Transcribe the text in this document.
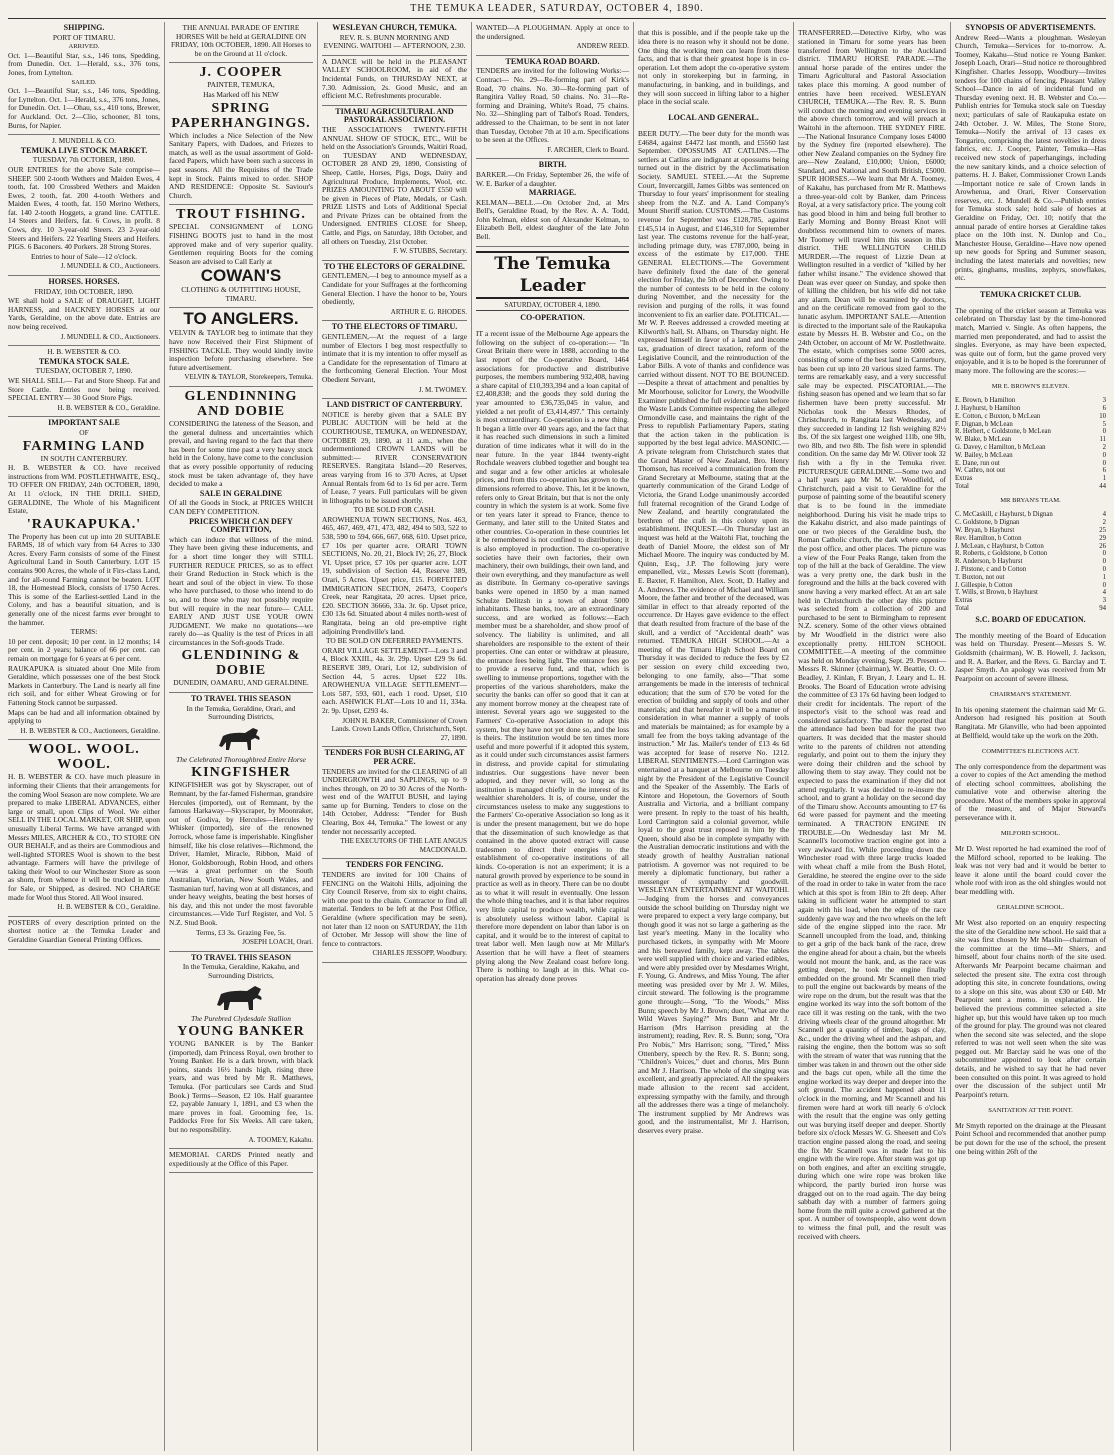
THE TEMUKA LEADER, SATURDAY, OCTOBER 4, 1890.

SHIPPING.

PORT OF TIMARU.

ARRIVED.

Oct. 1—Beautiful Star, s.s., 146 tons, Spedding, from Dunedin. Oct. 1—Herald, s.s., 376 tons, Jones, from Lyttelton.

SAILED.

Oct. 1—Beautiful Star, s.s., 146 tons, Spedding, for Lyttelton. Oct. 1—Herald, s.s., 376 tons, Jones, for Dunedin. Oct. 1—Ohau, s.s., 410 tons, Brewer, for Auckland. Oct. 2—Clio, schooner, 81 tons, Burns, for Napier.

J. MUNDELL & CO.

TEMUKA LIVE STOCK MARKET.

TUESDAY, 7th OCTOBER, 1890.

OUR ENTRIES for the above Sale comprise— SHEEP. 500 2-tooth Wethers and Maiden Ewes, 4 tooth, fat. 100 Crossbred Wethers and Maiden Ewes, 2 tooth, fat. 200 4-tooth Wethers and Maiden Ewes, 4 tooth, fat. 150 Merino Wethers, fat. 140 2-tooth Hoggets, a grand line. CATTLE. 14 Steers and Heifers, fat. 6 Cows, in profit. 8 Cows, dry. 10 3-year-old Steers. 23 2-year-old Steers and Heifers. 22 Yearling Steers and Heifers. PIGS. 6 Baconers. 40 Porkers. 28 Strong Stores.

Entries to hour of Sale—12 o'clock.

J. MUNDELL & CO., Auctioneers.

HORSES. HORSES.

FRIDAY, 10th OCTOBER, 1890.

WE shall hold a SALE of DRAUGHT, LIGHT HARNESS, and HACKNEY HORSES at our Yards, Geraldine, on the above date. Entries are now being received.

J. MUNDELL & CO., Auctioneers.

H. B. WEBSTER & CO.

TEMUKA STOCK SALE.

TUESDAY, OCTOBER 7, 1890.

WE SHALL SELL— Fat and Store Sheep. Fat and Store Cattle. Entries now being received. SPECIAL ENTRY— 30 Good Store Pigs.

H. B. WEBSTER & CO., Geraldine.

IMPORTANT SALE

OF

FARMING LAND

IN SOUTH CANTERBURY.

H. B. WEBSTER & CO. have received instructions from WM. POSTLETHWAITE, ESQ., TO OFFER ON FRIDAY, 24th OCTOBER, 1890, At 11 o'clock, IN THE DRILL SHED, GERALDINE, The Whole of his Magnificent Estate,

'RAUKAPUKA.'

The Property has been cut up into 20 SUITABLE FARMS, 18 of which vary from 64 Acres to 330 Acres. Every Farm consists of some of the Finest Agricultural Land in South Canterbury. LOT 15 contains 900 Acres, the whole of it Firs-class Land, and for all-round Farming cannot be beaten. LOT 18, the Homestead Block, consists of 1750 Acres. This is some of the Earliest-settled Land in the Colony, and has a beautiful situation, and is generally one of the nicest farms ever brought to the hammer.

TERMS:

10 per cent. deposit; 10 per cent. in 12 months; 14 per cent. in 2 years; balance of 66 per cent. can remain on mortgage for 6 years at 6 per cent.

RAUKAPUKA is situated about One Mile from Geraldine, which possesses one of the best Stock Markets in Canterbury. The Land is nearly all fine rich soil, and for either Wheat Growing or for Fattening Stock cannot be surpassed.

Maps can be had and all information obtained by applying to

H. B. WEBSTER & CO., Auctioneers, Geraldine.

WOOL. WOOL. WOOL.

H. B. WEBSTER & CO. have much pleasure in informing their Clients that their arrangements for the coming Wool Season are now complete. We are prepared to make LIBERAL ADVANCES, either large or small, upon Clips of Wool. We either SELL IN THE LOCAL MARKET, OR SHIP, upon unusually Liberal Terms. We have arranged with Messrs MILES, ARCHER & CO., TO STORE ON OUR BEHALF, and as theirs are Commodious and well-lighted STORES Wool is shown to the best advantage. Farmers will have the privilege of taking their Wool to our Winchester Store as soon as shorn, from whence it will be trucked in time for Sale, or Shipped, as desired. NO CHARGE made for Wool thus Stored. All Wool insured.

H. B. WEBSTER & CO., Geraldine.

POSTERS of every description printed on the shortest notice at the Temuka Leader and Geraldine Guardian General Printing Offices.

THE ANNUAL PARADE OF ENTIRE HORSES Will be held at GERALDINE ON FRIDAY, 10th OCTOBER, 1890. All Horses to be on the Ground at 11 o'clock.

J. COOPER

PAINTER, TEMUKA,

Has Marked off his NEW

SPRING PAPERHANGINGS.

Which includes a Nice Selection of the New Sanitary Papers, with Dadoes, and Friezes to match, as well as the usual assortment of Gold-faced Papers, which have been such a success in past seasons. All the Requisites of the Trade kept in Stock. Paints mixed to order. SHOP AND RESIDENCE: Opposite St. Saviour's Church.

TROUT FISHING.

SPECIAL CONSIGNMENT of LONG FISHING BOOTS just to hand in the most approved make and of very superior quality. Gentlemen requiring Boots for the coming Season are advised to Call Early at

COWAN'S

CLOTHING & OUTFITTING HOUSE, TIMARU.

TO ANGLERS.

VELVIN & TAYLOR beg to intimate that they have now Received their First Shipment of FISHING TACKLE. They would kindly invite inspection before purchasing elsewhere. See future advertisement.

VELVIN & TAYLOR, Storekeepers, Temuka.

GLENDINNING AND DOBIE

CONSIDERING the lateness of the Season, and the general dulness and uncertainties which prevail, and having regard to the fact that there has been for some time past a very heavy stock held in the Colony, have come to the conclusion that as every possible opportunity of reducing stock must be taken advantage of, they have decided to make a

SALE IN GERALDINE

Of all the Goods in Stock, at PRICES WHICH CAN DEFY COMPETITION.

PRICES WHICH CAN DEFY COMPETITION,

which can induce that willness of the mind. They have been giving these inducements, and for a short time longer they will STILL FURTHER REDUCE PRICES, so as to effect their Grand Reduction in Stock which is the heart and soul of the object in view. To those who have purchased, to those who intend to do so, and to those who may not possibly require but will require in the near future— CALL EARLY AND JUST USE YOUR OWN JUDGMENT. We make no quotations—we rarely do—as Quality is the test of Prices in all circumstances in the Soft-goods Trade.

GLENDINING & DOBIE

DUNEDIN, OAMARU, AND GERALDINE.

TO TRAVEL THIS SEASON

In the Temuka, Geraldine, Orari, and Surrounding Districts,

The Celebrated Thoroughbred Entire Horse

KINGFISHER

KINGFISHER was got by Skyscraper, out of Remnant, by the far-famed Fisherman, grandsire Hercules (imported), out of Remnant, by the famous Harkaway—Skyscraper, by Moonraker, out of Godiva, by Hercules—Hercules by Whisker (imported), sire of the renowned Jorrock, whose fame is imperishable. Kingfisher himself, like his close relatives—Richmond, the Driver, Hamlet, Miracle, Ribbon, Maid of Honor, Goldsborough, Robin Hood, and others—was a great performer on the South Australian, Victorian, New South Wales, and Tasmanian turf, having won at all distances, and under heavy weights, beating the best horses of his day, and this not under the most favorable circumstances.—Vide Turf Register, and Vol. 5 N.Z. Stud Book.

Terms, £3 3s. Grazing Fee, 5s.

JOSEPH LOACH, Orari.

TO TRAVEL THIS SEASON

In the Temuka, Geraldine, Kakahu, and Surrounding Districts,

The Purebred Clydesdale Stallion

YOUNG BANKER

YOUNG BANKER is by The Banker (imported), dam Princess Royal, own brother to Young Banker. He is a dark brown, with black points, stands 16½ hands high, rising three years, and was bred by Mr R. Matthews, Temuka. (For particulars see Cards and Stud Book.) Terms—Season, £2 10s. Half guarantee £2, payable January 1, 1891, and £3 when the mare proves in foal. Grooming fee, 1s. Paddocks Free for Six Weeks. All care taken, but no responsibility.

A. TOOMEY, Kakahu.

MEMORIAL CARDS Printed neatly and expeditiously at the Office of this Paper.

WESLEYAN CHURCH, TEMUKA.

REV. R. S. BUNN MORNING AND EVENING. WAITOHI — AFTERNOON, 2.30.

A DANCE will be held in the PLEASANT VALLEY SCHOOLROOM, in aid of the Incidental Funds, on THURSDAY NEXT, at 7.30. Admission, 2s. Good Music, and an efficient M.C. Refreshments procurable.

TIMARU AGRICULTURAL AND PASTORAL ASSOCIATION.

THE ASSOCIATION'S TWENTY-FIFTH ANNUAL SHOW OF STOCK, ETC., Will be held on the Association's Grounds, Waitiri Road, on TUESDAY AND WEDNESDAY, OCTOBER 28 AND 29, 1890, Consisting of Sheep, Cattle, Horses, Pigs, Dogs, Dairy and Agricultural Produce, Implements, Wool, etc. PRIZES AMOUNTING TO ABOUT £550 will be given in Pieces of Plate, Medals, or Cash. PRIZE LISTS and Lots of Additional Special and Private Prizes can be obtained from the Undersigned. ENTRIES CLOSE for Sheep, Cattle, and Pigs, on Saturday, 18th October, and all others on Tuesday, 21st October.

F. W. STUBBS, Secretary.

TO THE ELECTORS OF GERALDINE.

GENTLEMEN,—I beg to announce myself as a Candidate for your Suffrages at the forthcoming General Election. I have the honor to be, Yours obediently,

ARTHUR E. G. RHODES.

TO THE ELECTORS OF TIMARU.

GENTLEMEN,—At the request of a large number of Electors I beg most respectfully to intimate that it is my intention to offer myself as a Candidate for the representation of Timaru at the forthcoming General Election. Your Most Obedient Servant,

J. M. TWOMEY.

LAND DISTRICT OF CANTERBURY.

NOTICE is hereby given that a SALE BY PUBLIC AUCTION will be held at the COURTHOUSE, TEMUKA, on WEDNESDAY, OCTOBER 29, 1890, at 11 a.m., when the undermentioned CROWN LANDS will be submitted:— RIVER CONSERVATION RESERVES. Rangitata Island—20 Reserves, areas varying from 16 to 370 Acres, at Upset Annual Rentals from 6d to 1s 6d per acre. Term of Lease, 7 years. Full particulars will be given in lithographs to be issued shortly.

TO BE SOLD FOR CASH.

AROWHENUA TOWN SECTIONS, Nos. 463, 465, 467, 469, 471, 473, 482, 494 to 503, 522 to 538, 590 to 594, 666, 667, 668, 610. Upset price, £7 10s per quarter acre. ORARI TOWN SECTIONS, No. 20, 21, Block IV; 26, 27, Block VI. Upset price, £7 10s per quarter acre. LOT 19, subdivision of Section 44, Reserve 389, Orari, 5 Acres. Upset price, £15. FORFEITED IMMIGRATION SECTION, 26473, Cooper's Creek, near Rangitata, 20 acres. Upset price, £20. SECTION 36666, 33a. 3r. 6p. Upset price, £30 13s 6d. Situated about 4 miles north-west of Rangitata, being an old pre-emptive right adjoining Prendiville's land.

TO BE SOLD ON DEFERRED PAYMENTS.

ORARI VILLAGE SETTLEMENT—Lots 3 and 4, Block XXIII., 4a. 3r. 29p. Upset £29 9s 6d. RESERVE 389, Orari, Lot 12, subdivision of Section 44, 5 acres. Upset £22 10s. AROWHENUA VILLAGE SETTLEMENT—Lots 587, 593, 601, each 1 rood. Upset, £10 each. ASHWICK FLAT—Lots 10 and 11, 334a. 2r. 9p. Upset, £293 4s.

JOHN H. BAKER, Commissioner of Crown Lands. Crown Lands Office, Christchurch, Sept. 27, 1890.

TENDERS FOR BUSH CLEARING, AT PER ACRE.

TENDERS are invited for the CLEARING of all UNDERGROWTH and SAPLINGS, up to 9 inches through, on 20 to 30 Acres of the North-west end of the WAITUI BUSH, and laying same up for Burning. Tenders to close on the 14th October, Address: "Tender for Bush Clearing, Box 44, Temuka." The lowest or any tender not necessarily accepted.

THE EXECUTORS OF THE LATE ANGUS MACDONALD.

TENDERS FOR FENCING.

TENDERS are invited for 100 Chains of FENCING on the Waitohi Hills, adjoining the City Council Reserve, from six to eight chains, with one post to the chain. Contractor to find all material. Tenders to be left at the Post Office, Geraldine (where specification may be seen), not later than 12 noon on SATURDAY, the 11th of October. Mr Jessop will show the line of fence to contractors.

CHARLES JESSOPP, Woodbury.

WANTED—A PLOUGHMAN. Apply at once to the undersigned.

ANDREW REED.

TEMUKA ROAD BOARD.

TENDERS are invited for the following Works:— Contract— No. 29—Re-forming part of Kirk's Road, 70 chains. No. 30—Re-forming part of Rangitira Valley Road, 50 chains. No. 31—Re-forming and Draining, White's Road, 75 chains. No. 32—Shingling part of Talbot's Road. Tenders, addressed to the Chairman, to be sent in not later than Tuesday, October 7th at 10 a.m. Specifications to be seen at the Offices.

F. ARCHER, Clerk to Board.

BIRTH.

BARKER.—On Friday, September 26, the wife of W. E. Barker of a daughter.

MARRIAGE.

KELMAN—BELL.—On October 2nd, at Mrs Bell's, Geraldine Road, by the Rev. A. A. Todd, John Kelman, eldest son of Alexander Kelman, to Elizabeth Bell, eldest daughter of the late John Bell.

The Temuka Leader
SATURDAY, OCTOBER 4, 1890.

CO-OPERATION.

IT a recent issue of the Melbourne Age appears the following on the subject of co-operation:— "In Great Britain there were in 1888, according to the last report of the Co-operative Board, 1464 associations for productive and distributive purposes, the members numbering 932,408, having a share capital of £10,393,394 and a loan capital of £2,408,838; and the goods they sold during the year amounted to £36,735,045 in value, and yielded a net profit of £3,414,497." This certainly is most extraordinary. Co-operation is a new thing. It began a little over 40 years ago, and the fact that it has reached such dimensions in such a limited duration of time indicates what it will do in the near future. In the year 1844 twenty-eight Rochdale weavers clubbed together and bought tea and sugar and a few other articles at wholesale prices, and from this co-operation has grown to the dimensions referred to above. This, let it be known, refers only to Great Britain, but that is not the only country in which the system is at work. Some five or ten years later it spread to France, thence to Germany, and later still to the United States and other countries. Co-operation in these countries let it be remembered is not confined to distribution; it is also employed in production. The co-operative societies have their own factories, their own machinery, their own buildings, their own land, and their own everything, and they manufacture as well as distribute. In Germany co-operative savings banks were opened in 1850 by a man named Schulze Delitzsh in a town of about 5000 inhabitants. These banks, too, are an extraordinary success, and are worked as follows:—Each member must be a shareholder, and show proof of solvency. The liability is unlimited, and all shareholders are responsible to the extent of their properties. One can enter or withdraw at pleasure, the entrance fees being light. The entrance fees go to provide a reserve fund, and that, which is swelling to immense proportions, together with the properties of the various shareholders, make the security the banks can offer so good that it can at any moment borrow money at the cheapest rate of interest. Several years ago we suggested to the Farmers' Co-operative Association to adopt this system, but they have not yet done so, and the loss is theirs. The institution would be ten times more useful and more powerful if it adopted this system, as it could under such circumstances assist farmers in distress, and provide capital for stimulating industries. Our suggestions have never been adopted, and they never will, so long as the institution is managed chiefly in the interest of its wealthier shareholders. It is, of course, under the circumstances useless to make any suggestions to the Farmers' Co-operative Association so long as it is under the present management, but we do hope that the dissemination of such knowledge as that contained in the above quoted extract will cause tradesmen to direct their energies to the establishment of co-operative institutions of all kinds. Co-operation is not an experiment; it is a natural growth proved by experience to be sound in practice as well as in theory. There can be no doubt as to what it will result in eventually. One lesson the whole thing teaches, and it is that labor requires very little capital to produce wealth, while capital is absolutely useless without labor. Capital is therefore more dependent on labor than labor is on capital, and it would be to the interest of capital to treat labor well. Men laugh now at Mr Millar's Assertion that he will have a fleet of steamers plying along the New Zealand coast before long. There is nothing to laugh at in this. What co-operation has already done proves

that this is possible, and if the people take up the idea there is no reason why it should not be done. One thing the working men can learn from these facts, and that is that their greatest hope is in co-operation. Let them adopt the co-operative system not only in storekeeping but in farming, in manufacturing, in banking, and in buildings, and they will soon succeed in lifting labor to a higher place in the social scale.

LOCAL AND GENERAL.

BEER DUTY.—The beer duty for the month was £4684, against £4472 last month, and £5560 last September. OPOSSUMS AT CATLINS.—The settlers at Catlins are indignant at opossums being turned out in the district by the Acclimatisation Society. SAMUEL STEEL.—At the Supreme Court, Invercargill, James Gibbs was sentenced on Thursday to four years' imprisonment for stealing sheep from the N.Z. and A. Land Company's Mount Sheriff station. CUSTOMS.—The Customs revenue for September was £128,785, against £145,514 in August, and £146,310 for September last year. The customs revenue for the half-year, including primage duty, was £787,000, being in excess of the estimate by £17,000. THE GENERAL ELECTIONS.—The Government have definitely fixed the date of the general election for Friday, the 5th of December. Owing to the number of contests to be held in the colony during November, and the necessity for the revision and purging of the rolls, it was found inconvenient to fix an earlier date. POLITICAL.—Mr W. P. Reeves addressed a crowded meeting at Kilworth's hall, St. Albans, on Thursday night. He expressed himself in favor of a land and income tax, graduation of direct taxation, reform of the Legislative Council, and the reintroduction of the Labor Bills. A vote of thanks and confidence was carried without dissent. NOT TO BE BOUNCED.—Despite a threat of attachment and penalties by Mr Moorhouse, solicitor for Lowry, the Woodville Examiner published the full evidence taken before the Waste Lands Committee respecting the alleged Ormondville case, and maintains the right of the Press to republish Parliamentary Papers, stating that the action taken in the publication is supported by the best legal advice. MASONIC.—A private telegram from Christchurch states that the Grand Master of New Zealand, Bro. Henry Thomson, has received a communication from the Grand Secretary at Melbourne, stating that at the quarterly communication of the Grand Lodge of Victoria, the Grand Lodge unanimously accorded full fraternal recognition of the Grand Lodge of New Zealand, and heartily congratulated the brethren of the craft in this colony upon its establishment. INQUEST.—On Thursday last an inquest was held at the Waitohi Flat, touching the death of Daniel Moore, the eldest son of Mr Michael Moore. The inquiry was conducted by M. Quinn, Esq., J.P. The following jury were empanelled, viz., Messrs Lewis Scott (foreman), E. Baxter, F. Hamilton, Alex. Scott, D. Halley and A. Andrews. The evidence of Michael and William Moore, the father and brother of the deceased, was similar in effect to that already reported of the occurrence. Dr Hayes gave evidence to the effect that death resulted from fracture of the base of the skull, and a verdict of "Accidental death" was returned. TEMUKA HIGH SCHOOL.—At a meeting of the Timaru High School Board on Thursday it was decided to reduce the fees by £2 per session on every child exceeding two, belonging to one family, also—"That some arrangements be made in the interests of technical education; that the sum of £70 be voted for the erection of building and supply of tools and other materials; and that hereafter it will be a matter of consideration in what manner a supply of tools and materials be maintained; as for example by a small fee from the boys taking advantage of the instruction." Mr Jas. Mailer's tender of £13 4s 6d was accepted for lease of reserve No. 1212. LIBERAL SENTIMENTS.—Lord Carrington was entertained at a banquet at Melbourne on Tuesday night by the President of the Legislative Council and the Speaker of the Assembly. The Earls of Kintore and Hopetoun, the Governors of South Australia and Victoria, and a brilliant company were present. In reply to the toast of his health, Lord Carrington said a colonial governor, while loyal to the great trust reposed in him by the Queen, should also be in complete sympathy with the Australian democratic institutions and with the steady growth of healthy Australian national patriotism. A governor was not required to be merely a diplomatic functionary, but rather a messenger of sympathy and goodwill. WESLEYAN ENTERTAINMENT AT WAITOHI.—Judging from the horses and conveyances outside the school building on Thursday night we were prepared to expect a very large company, but though good it was not so large a gathering as the last year's meeting. Many in the locality who purchased tickets, in sympathy with Mr Moore and his bereaved family, kept away. The tables were well supplied with choice and varied edibles, and were ably presided over by Mesdames Wright, F. Young, G. Andrews, and Miss Young. The after meeting was presided over by Mr J. W. Miles, circuit steward. The following is the programme gone through:—Song, "To the Woods," Miss Bunn; speech by Mr J. Brown; duet, "What are the Wild Waves Saying?" Mrs Bunn and Mr J. Harrison (Mrs Harrison presiding at the instrument); reading, Rev. R. S. Bunn; song, "Ora Pro Nobis," Mrs Harrison; song, "Tired," Miss Ottenbery, speech by the Rev. R. S. Bunn; song, "Children's Voices," duet and chorus, Mrs Bunn and Mr J. Harrison. The whole of the singing was excellent, and greatly appreciated. All the speakers made allusion to the recent sad accident, expressing sympathy with the family, and through all the addresses there was a tinge of melancholy. The instrument supplied by Mr Andrews was good, and the instrumentalist, Mr J. Harrison, deserves every praise.

TRANSFERRED.—Detective Kirby, who was stationed in Timaru for some years has been transferred from Wellington to the Auckland district. TIMARU HORSE PARADE.—The annual horse parade of the entires under the Timaru Agricultural and Pastoral Association takes place this morning. A good number of entries have been received. WESLEYAN CHURCH, TEMUKA.—The Rev. R. S. Bunn will conduct the morning and evening services in the above church tomorrow, and will preach at Waitohi in the afternoon. THE SYDNEY FIRE.—The National Insurance Company loses £4000 by the Sydney fire (reported elsewhere). The other New Zealand companies on the Sydney fire are—New Zealand, £10,000; Union, £6000; Standard, and National and South British, £5000. SPUR HORSES.—We learn that Mr A. Toomey, of Kakahu, has purchased from Mr R. Matthews a three-year-old colt by Banker, dam Princess Royal, at a very satisfactory price. The young colt has good blood in him and being full brother to Early Morning and Bonny Breast Knot will doubtless recommend him to owners of mares. Mr Toomey will travel him this season in this district. THE WELLINGTON CHILD MURDER.—The request of Lizzie Dean at Wellington resulted in a verdict of "killed by her father whilst insane." The evidence showed that Dean was ever queer on Sunday, and spoke then of killing the children, but his wife did not take any alarm. Dean will be examined by doctors, and on the certificate removed from gaol to the lunatic asylum. IMPORTANT SALE.—Attention is directed to the important sale of the Raukapuka estate by Messrs H. B. Webster and Co., on the 24th October, on account of Mr W. Postlethwaite. The estate, which comprises some 5000 acres, consisting of some of the best land in Canterbury, has been cut up into 20 various sized farms. The terms are remarkably easy, and a very successful sale may be expected. PISCATORIAL.—The fishing season has opened and we learn that so far fishermen have been pretty successful. Mr Nicholas took the Messrs Rhodes, of Christchurch, to Rangitata last Wednesday, and they succeeded in landing 12 fish weighing 82½ lbs. Of the six largest one weighed 11lb, one 9lb, two 8lb, and two 8lb. The fish were in splendid condition. On the same day Mr W. Oliver took 32 fish with a fly in the Temuka river. PICTURESQUE GERALDINE.—Some two and a half years ago Mr M. W. Woodfield, of Christchurch, paid a visit to Geraldine for the purpose of painting some of the beautiful scenery that is to be found in the immediate neighborhood. During his visit he made trips to the Kakahu district, and also made paintings of one or two pieces of the Geraldine bush, the Roman Catholic church, the dark where opposite the post office, and other places. The picture was a view of the Four Peaks Range, taken from the top of the hill at the back of Geraldine. The view was a very pretty one, the dark bush in the foreground and the hills at the back covered with snow having a very marked effect. At an art sale held in Christchurch the other day this picture was selected from a collection of 200 and purchased to be sent to Birmingham to represent N.Z. scenery. Some of the other views obtained by Mr Woodfield in the district were also exceptionally pretty. HILTON SCHOOL COMMITTEE.—A meeting of the committee was held on Monday evening, Sept. 29. Present—Messrs R. Skinner (chairman), W. Beattie, O. O. Beadley, J. Kinlan, F. Bryan, J. Leary and L. H. Brooks. The Board of Education wrote advising the committee of £3 17s 6d having been lodged to their credit for incidentals. The report of the inspector's visit to the school was read and considered satisfactory. The master reported that the attendance had been bad for the past two quarters. It was decided that the master should write to the parents of children not attending regularly, and point out to them the injury they were doing their children and the school by allowing them to stay away. They could not be expected to pass the examination if they did not attend regularly. It was decided to re-insure the school, and to grant a holiday on the second day of the Timaru show. Accounts amounting to £7 6s 6d were passed for payment and the meeting terminated. A TRACTION ENGINE IN TROUBLE.—On Wednesday last Mr M. Scannell's locomotive traction engine got into a very awkward fix. While proceeding down the Winchester road with three large trucks loaded with wheat chaff a mile from the Bush Hotel, Geraldine, he steered the engine over to the side of the road in order to take in water from the race which at this spot is from 18in to 2ft deep. After taking in sufficient water he attempted to start again with his load, when the edge of the race suddenly gave way and the two wheels on the left side of the engine slipped into the race. Mr Scannell uncoupled from the load, and, thinking to get a grip of the back bank of the race, drew the engine ahead for about a chain, but the wheels would not mount the bank, and, as the race was getting deeper, he took the engine finally embedded on the ground. Mr Scannell then tried to pull the engine out backwards by means of the wire rope on the drum, but the result was that the engine worked its way into the soft bottom of the race till it was resting on the tank, with the two driving wheels clear of the ground altogether. Mr Scannell got a quantity of timber, bags of clay, &c., under the driving wheel and the ashpan, and raising the engine, then the bottom was so soft with the stream of water that was running that the timber was taken in and thrown out the other side and the bags cut open, while all the time the engine worked its way deeper and deeper into the soft ground. The accident happened about 11 o'clock in the morning, and Mr Scannell and his firemen were hard at work till nearly 6 o'clock with the result that the engine was only getting out was burying itself deeper and deeper. Shortly before six o'clock Messrs W. G. Sheesett and Co's traction engine passed along the road, and seeing the fix Mr Scannell was in made fast to his engine with the wire rope. After steam was got up on both engines, and after an exciting struggle, during which one wire rope was broken like whipcord, the partly buried iron horse was dragged out on to the road again. The day being sabbath day with a number of farmers going home from the mill quite a crowd gathered at the spot. A number of townspeople, also went down to witness the final pull, and the result was received with cheers.

SYNOPSIS OF ADVERTISEMENTS.

Andrew Reed—Wants a ploughman. Wesleyan Church, Temuka—Services for to-morrow. A. Toomey, Kakahu—Stud notice re Young Banker. Joseph Loach, Orari—Stud notice re thoroughbred Kingfisher. Charles Jessopp, Woodbury—Invites tenders for 100 chains of fencing. Pleasant Valley School—Dance in aid of incidental fund on Thursday evening next. H. B. Webster and Co.—Publish entries for Temuka stock sale on Tuesday next; particulars of sale of Raukapuka estate on 24th October. J. W. Miles, The Stone Store, Temuka—Notify the arrival of 13 cases ex Tongariro, comprising the latest novelties in dress fabrics, etc. J. Cooper, Painter, Temuka—Has received new stock of paperhangings, including the new sanitary kinds, and a choice selection of patterns. H. J. Baker, Commissioner Crown Lands—Important notice re sale of Crown lands in Arowhenua, and Orari, River Conservation reserves, etc. J. Mundell & Co.—Publish entries for Temuka stock sale; hold sale of horses at Geraldine on Friday, Oct. 10; notify that the annual parade of entire horses at Geraldine takes place on the 10th inst. N. Dunlop and Co., Manchester House, Geraldine—Have now opened up new goods for Spring and Summer season, including the latest materials and novelties; new prints, ginghams, muslins, zephyrs, snowflakes, etc.

TEMUKA CRICKET CLUB.

The opening of the cricket season at Temuka was celebrated on Thursday last by the time-honored match, Married v. Single. As often happens, the married men preponderated, and had to assist the singles. Everyone, as may have been expected, was quite out of form, but the game proved very enjoyable, and it is to be hoped is the forerunner of many more. The following are the scores:—

MR E. BROWN'S ELEVEN.

E. Brown, b Hamilton	3
J. Hayhurst, b Hamilton	6
E. Cotton, c Buxton, b McLean	10
F. Dignan, b McLean	5
R. Herbert, c Goldstone, b McLean	0
W. Blake, b McLean	11
G. Davey, c Hamilton, b McLean	2
W. Bailey, b McLean	0
E. Dane, run out	0
W. Cathro, not out	6
Extras	1
Total	44

MR BRYAN'S TEAM.

C. McCaskill, c Hayhurst, b Dignan	4
C. Goldstone, b Dignan	2
W. Bryan, b Hayhurst	25
Rev. Hamilton, b Cotton	29
J. McLean, c Hayhurst, b Cotton	26
R. Roberts, c Goldstone, b Cotton	0
R. Anderson, b Hayhurst	0
J. Pitstone, c and b Cotton	0
T. Buxton, not out	1
J. Gillespie, b Cotton	0
T. Wills, st Brown, b Hayhurst	4
Extras	3
Total	94

S.C. BOARD OF EDUCATION.

The monthly meeting of the Board of Education was held on Thursday. Present—Messrs S. W. Goldsmith (chairman), W. B. Howell, J. Jackson, and R. A. Barker, and the Revs. G. Barclay and T. Jasper Smyth. An apology was received from Mr Pearpoint on account of severe illness.

CHAIRMAN'S STATEMENT.

In his opening statement the chairman said Mr G. Anderson had resigned his position at South Rangitata. Mr Glanville, who had been appointed at Bellfield, would take up the work on the 20th.

COMMITTEE'S ELECTIONS ACT.

The only correspondence from the department was a cover to copies of the Act amending the method of electing school committees, abolishing the cumulative vote and otherwise altering the procedure. Most of the members spoke in approval of the measure, and of Major Steward's perseverance with it.

MILFORD SCHOOL.

Mr D. West reported he had examined the roof of the Milford school, reported to be leaking. The leak was not very bad and it would be better to leave it alone until the board could cover the whole roof with iron as the old shingles would not bear meddling with.

GERALDINE SCHOOL.

Mr West also reported on an enquiry respecting the site of the Geraldine new school. He said that a site was first chosen by Mr Maslin—chairman of the committee at the time—Mr Shiers, and himself, about four chains north of the site used. Afterwards Mr Pearpoint became chairman and selected the present site. The extra cost through adopting this site, in concrete foundations, owing to a slope on this site, was about £30 or £40. Mr Pearpoint sent a memo. in explanation. He believed the previous committee selected a site higher up, but this would have taken up too much of the ground for play. The ground was not cleared when the second site was selected, and the slope referred to was not well seen when the site was pegged out. Mr Barclay said he was one of the subcommittee appointed to look after certain details, and he wished to say that he had never been consulted on this point. It was agreed to hold over the discussion of the subject until Mr Pearpoint's return.

SANITATION AT THE POINT.

Mr Smyth reported on the drainage at the Pleasant Point School and recommended that another pump be put down for the use of the school, the present one being within 26ft of the
